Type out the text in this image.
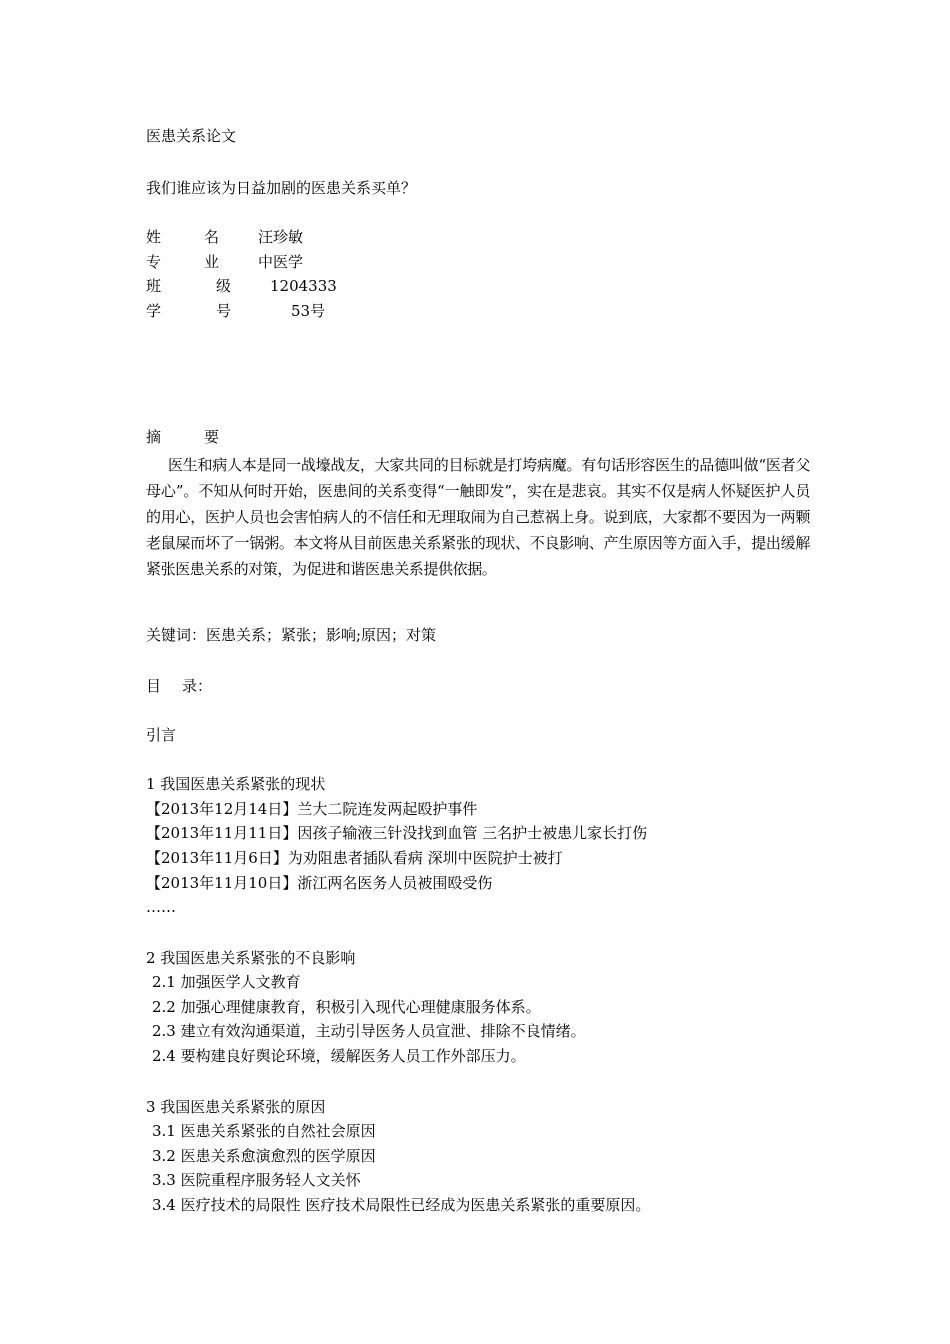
医患关系论文
我们谁应该为日益加剧的医患关系买单？
姓	名	汪珍敏
专	业	中医学
班	级	1204333
学	号	53号
摘	要
医生和病人本是同一战壕战友，大家共同的目标就是打垮病魔。有句话形容医生的品德叫做“医者父母心”。不知从何时开始，医患间的关系变得“一触即发”，实在是悲哀。其实不仅是病人怀疑医护人员的用心，医护人员也会害怕病人的不信任和无理取闹为自己惹祸上身。说到底，大家都不要因为一两颗老鼠屎而坏了一锅粥。本文将从目前医患关系紧张的现状、不良影响、产生原因等方面入手，提出缓解紧张医患关系的对策，为促进和谐医患关系提供依据。
关键词：医患关系；紧张；影响;原因；对策
目 录：
引言
1 我国医患关系紧张的现状
【2013年12月14日】兰大二院连发两起殴护事件
【2013年11月11日】因孩子输液三针没找到血管 三名护士被患儿家长打伤
【2013年11月6日】为劝阻患者插队看病 深圳中医院护士被打
【2013年11月10日】浙江两名医务人员被围殴受伤
……
2 我国医患关系紧张的不良影响
2.1 加强医学人文教育
2.2 加强心理健康教育，积极引入现代心理健康服务体系。
2.3 建立有效沟通渠道，主动引导医务人员宣泄、排除不良情绪。
2.4 要构建良好舆论环境，缓解医务人员工作外部压力。
3 我国医患关系紧张的原因
3.1 医患关系紧张的自然社会原因
3.2 医患关系愈演愈烈的医学原因
3.3 医院重程序服务轻人文关怀
3.4 医疗技术的局限性 医疗技术局限性已经成为医患关系紧张的重要原因。
